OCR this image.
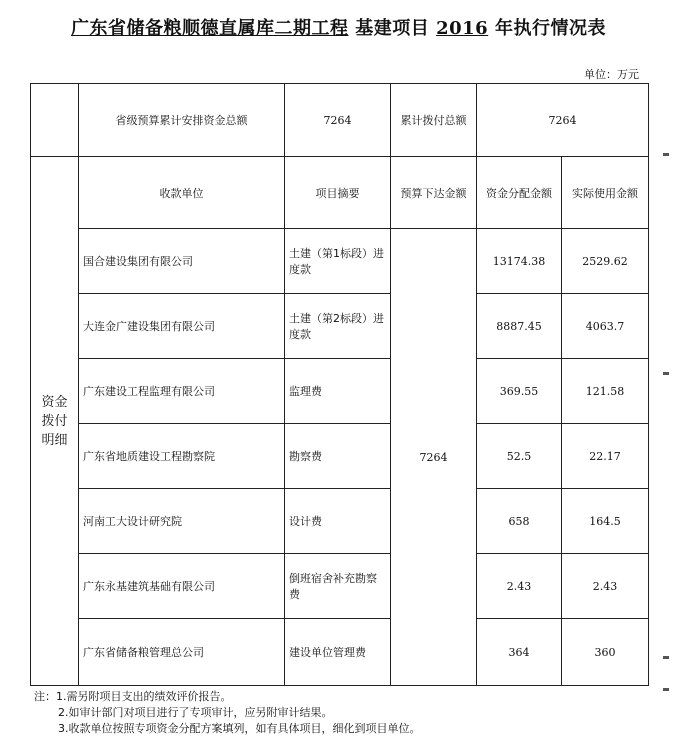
广东省储备粮顺德直属库二期工程 基建项目 2016 年执行情况表
单位：万元
	省级预算累计安排资金总额	7264	累计拨付总额	7264	

资金
拨付
明细	收款单位	项目摘要	预算下达金额	资金分配金额	实际使用金额
	国合建设集团有限公司	土建（第1标段）进度款	7264	13174.38	2529.62
	大连金广建设集团有限公司	土建（第2标段）进度款		8887.45	4063.7
	广东建设工程监理有限公司	监理费		369.55	121.58
	广东省地质建设工程勘察院	勘察费		52.5	22.17
	河南工大设计研究院	设计费		658	164.5
	广东永基建筑基础有限公司	倒班宿舍补充勘察费		2.43	2.43
	广东省储备粮管理总公司	建设单位管理费		364	360
注：1.需另附项目支出的绩效评价报告。
2.如审计部门对项目进行了专项审计，应另附审计结果。
3.收款单位按照专项资金分配方案填列，如有具体项目，细化到项目单位。
